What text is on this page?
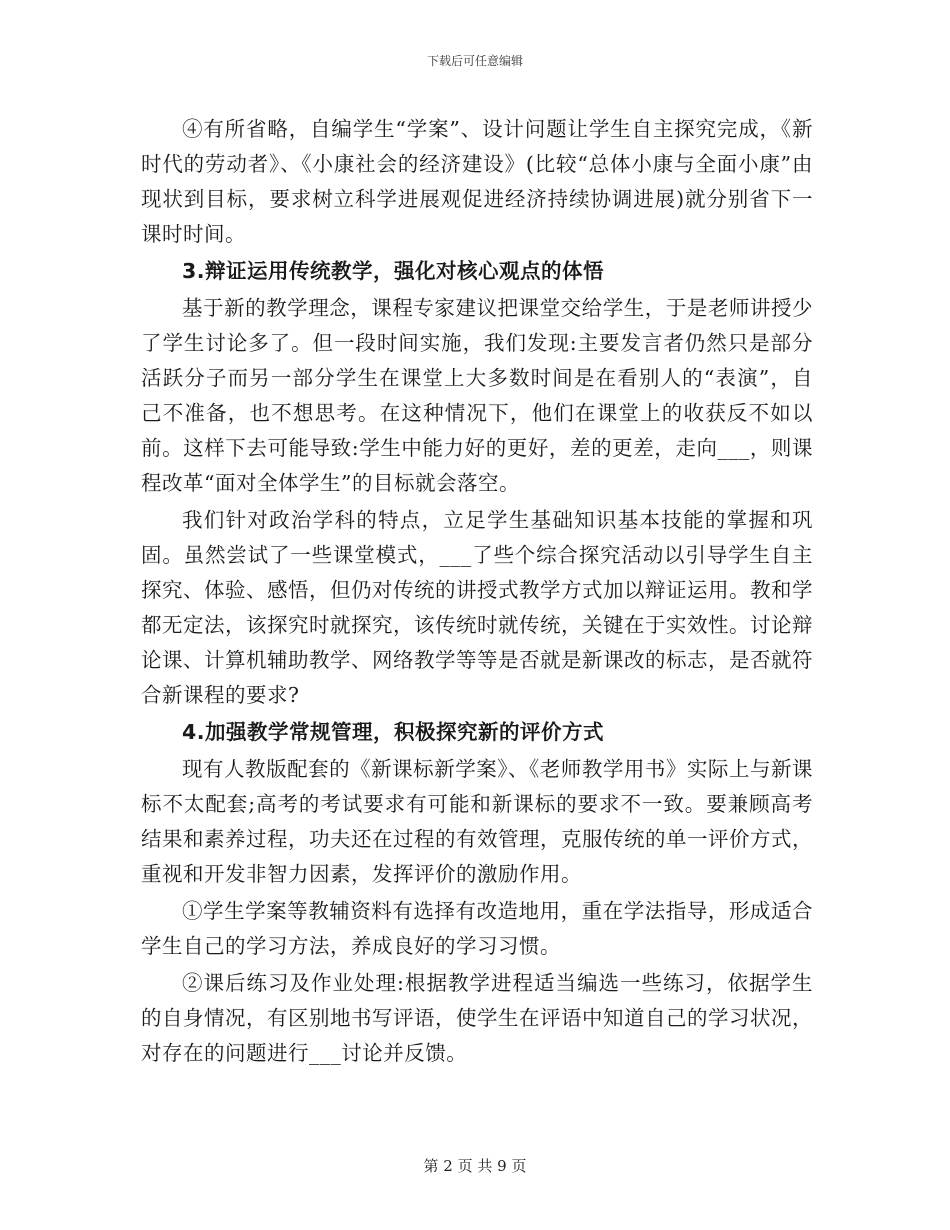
下载后可任意编辑

④有所省略，自编学生“学案”、设计问题让学生自主探究完成，《新时代的劳动者》、《小康社会的经济建设》(比较“总体小康与全面小康”由现状到目标，要求树立科学进展观促进经济持续协调进展)就分别省下一课时时间。

3.辩证运用传统教学，强化对核心观点的体悟

基于新的教学理念，课程专家建议把课堂交给学生，于是老师讲授少了学生讨论多了。但一段时间实施，我们发现:主要发言者仍然只是部分活跃分子而另一部分学生在课堂上大多数时间是在看别人的“表演”，自己不准备，也不想思考。在这种情况下，他们在课堂上的收获反不如以前。这样下去可能导致:学生中能力好的更好，差的更差，走向___，则课程改革“面对全体学生”的目标就会落空。

我们针对政治学科的特点，立足学生基础知识基本技能的掌握和巩固。虽然尝试了一些课堂模式，___了些个综合探究活动以引导学生自主探究、体验、感悟，但仍对传统的讲授式教学方式加以辩证运用。教和学都无定法，该探究时就探究，该传统时就传统，关键在于实效性。讨论辩论课、计算机辅助教学、网络教学等等是否就是新课改的标志，是否就符合新课程的要求?

4.加强教学常规管理，积极探究新的评价方式

现有人教版配套的《新课标新学案》、《老师教学用书》实际上与新课标不太配套;高考的考试要求有可能和新课标的要求不一致。要兼顾高考结果和素养过程，功夫还在过程的有效管理，克服传统的单一评价方式，重视和开发非智力因素，发挥评价的激励作用。

①学生学案等教辅资料有选择有改造地用，重在学法指导，形成适合学生自己的学习方法，养成良好的学习习惯。

②课后练习及作业处理:根据教学进程适当编选一些练习，依据学生的自身情况，有区别地书写评语，使学生在评语中知道自己的学习状况，对存在的问题进行___讨论并反馈。

第 2 页 共 9 页
